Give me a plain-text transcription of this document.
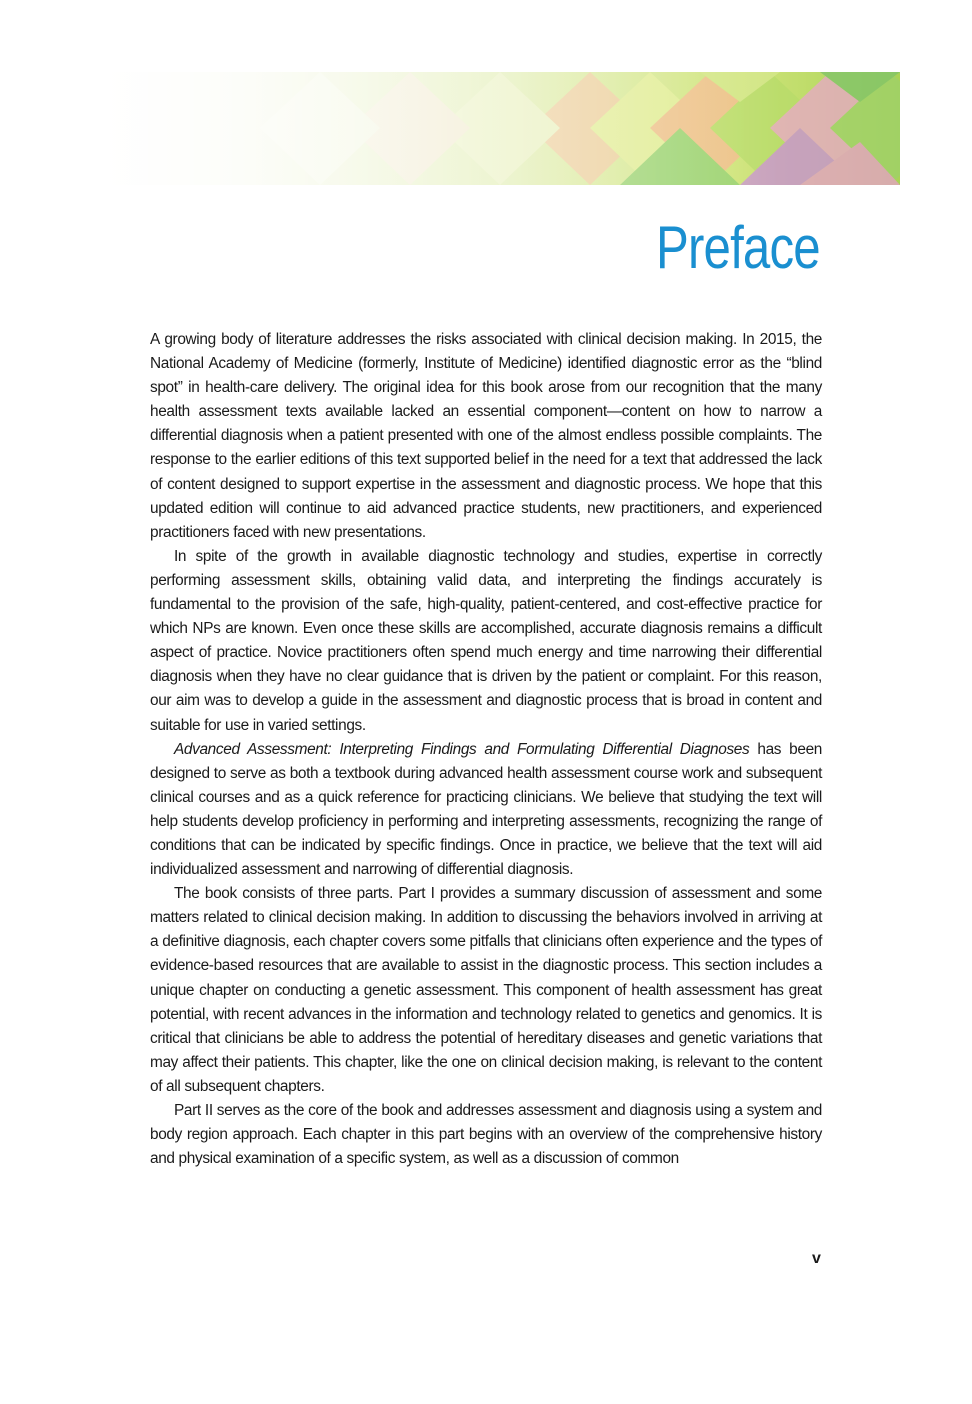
Preface

A growing body of literature addresses the risks associated with clinical decision making. In 2015, the National Academy of Medicine (formerly, Institute of Medicine) identified diagnostic error as the “blind spot” in health-care delivery. The original idea for this book arose from our recognition that the many health assessment texts available lacked an essential component—content on how to narrow a differential diagnosis when a patient presented with one of the almost endless possible complaints. The response to the earlier editions of this text supported belief in the need for a text that addressed the lack of content designed to support expertise in the assessment and diagnostic process. We hope that this updated edition will continue to aid advanced practice students, new practitioners, and experienced practitioners faced with new presentations.

In spite of the growth in available diagnostic technology and studies, expertise in correctly performing assessment skills, obtaining valid data, and interpreting the findings accurately is fundamental to the provision of the safe, high-quality, patient-centered, and cost-effective practice for which NPs are known. Even once these skills are accomplished, accurate diagnosis remains a difficult aspect of practice. Novice practitioners often spend much energy and time narrowing their differential diagnosis when they have no clear guidance that is driven by the patient or complaint. For this reason, our aim was to develop a guide in the assessment and diagnostic process that is broad in content and suitable for use in varied settings.

Advanced Assessment: Interpreting Findings and Formulating Differential Diagnoses has been designed to serve as both a textbook during advanced health assessment course work and subsequent clinical courses and as a quick reference for practicing clinicians. We believe that studying the text will help students develop proficiency in performing and interpreting assessments, recognizing the range of conditions that can be indicated by specific findings. Once in practice, we believe that the text will aid individualized assessment and narrowing of differential diagnosis.

The book consists of three parts. Part I provides a summary discussion of assessment and some matters related to clinical decision making. In addition to discussing the behaviors involved in arriving at a definitive diagnosis, each chapter covers some pitfalls that clinicians often experience and the types of evidence-based resources that are available to assist in the diagnostic process. This section includes a unique chapter on conducting a genetic assessment. This component of health assessment has great potential, with recent advances in the information and technology related to genetics and genomics. It is critical that clinicians be able to address the potential of hereditary diseases and genetic variations that may affect their patients. This chapter, like the one on clinical decision making, is relevant to the content of all subsequent chapters.

Part II serves as the core of the book and addresses assessment and diagnosis using a system and body region approach. Each chapter in this part begins with an overview of the comprehensive history and physical examination of a specific system, as well as a discussion of common

v
